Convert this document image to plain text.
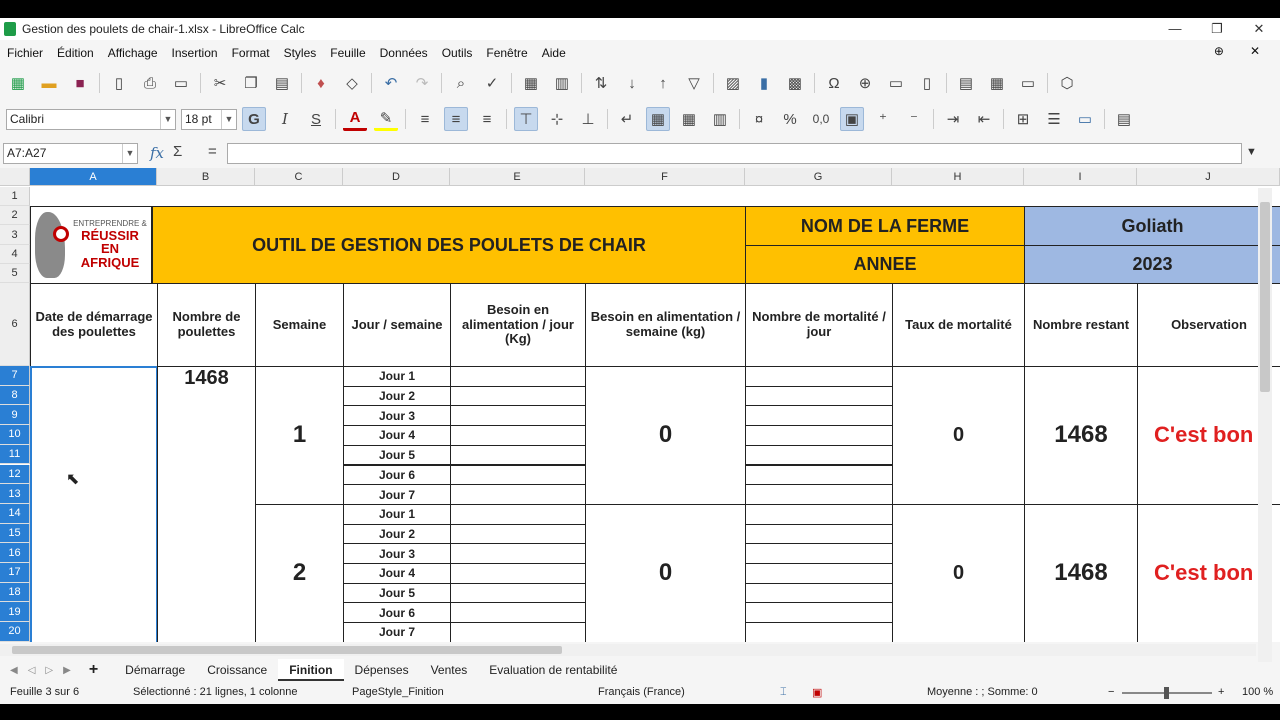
Gestion des poulets de chair-1.xlsx - LibreOffice Calc	—	❐	✕
Fichier Édition Affichage Insertion Format Styles Feuille Données Outils Fenêtre Aide	⊕ ✕
▦	▬	■	▯	⎙	▭	✂	❐	▤	♦	◇	↶	↷	⌕	✓	▦	▥	⇅	↓	↑	▽	▨	▮	▩	Ω	⊕	▭	▯	▤	▦	▭	⬡
Calibri	▼ 18 pt	▼ G	I	S	A	✎	≡	≡	≡	⊤	⊹	⊥	↵	▦	▦	▥	¤	%	0,0	▣	⁺	⁻	⇥	⇤	⊞	☰	▭	▤
A7:A27	▼ fx Σ =	▼
A	B	C	D	E	F	G	H	I	J
1
2
3
4
5
6
7
8
9
10
11
12
13
14
15
16
17
18
19
20
ENTREPRENDRE &
RÉUSSIR EN
AFRIQUE
OUTIL DE GESTION DES POULETS DE CHAIR
NOM DE LA FERME
ANNEE
Goliath
2023
Date de démarrage des poulettes
Nombre de poulettes	Semaine	Jour / semaine
Besoin en alimentation / jour (Kg)
Besoin en alimentation / semaine (kg)
Nombre de mortalité / jour	Taux de mortalité	Nombre restant	Observation
1468
1
Jour 1
Jour 2
Jour 3
Jour 4
Jour 5
Jour 6
Jour 7
0	0	1468	C'est bon
2
Jour 1
Jour 2
Jour 3
Jour 4
Jour 5
Jour 6
Jour 7
0	0	1468	C'est bon
◀ ◁ ▷ ▶ +	Démarrage	Croissance	Finition	Dépenses	Ventes	Evaluation de rentabilité
Feuille 3 sur 6	Sélectionné : 21 lignes, 1 colonne	PageStyle_Finition	Français (France)	⌶ ▣	Moyenne : ; Somme: 0	−	+ 100 %
⬉
